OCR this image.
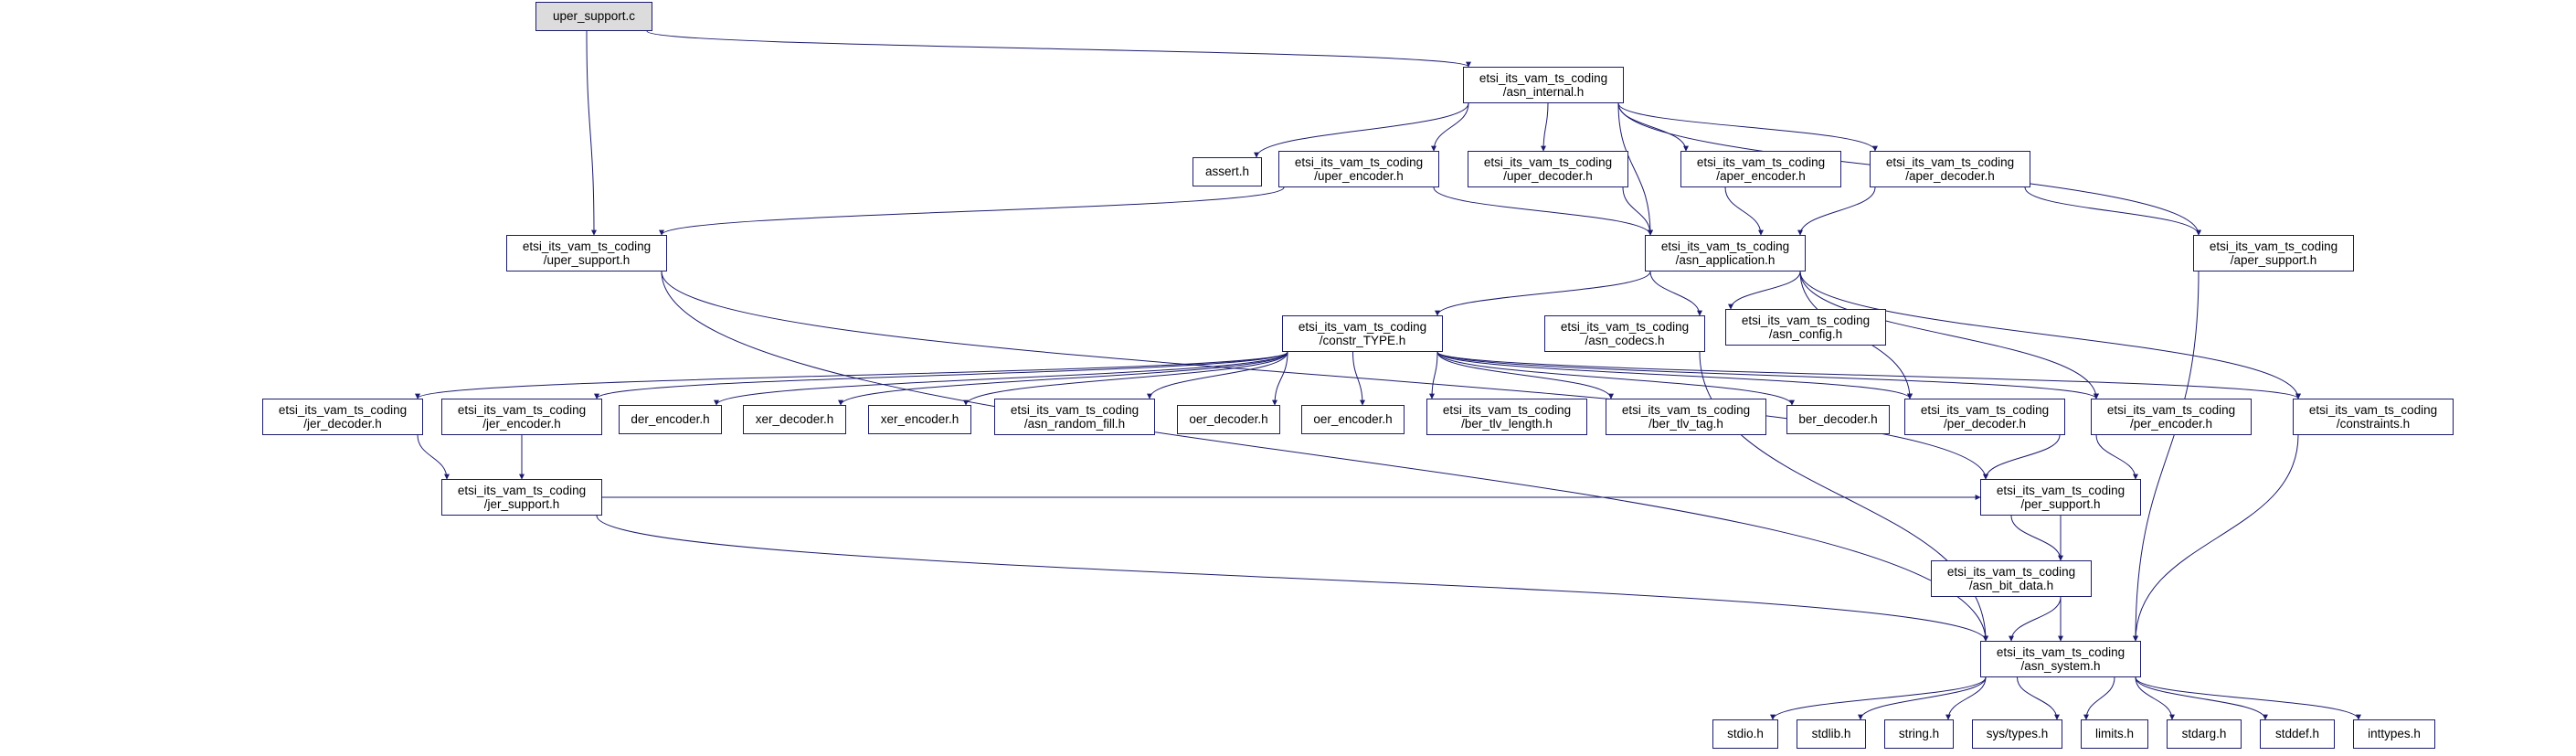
uper_support.c
etsi_its_vam_ts_coding
/asn_internal.h
assert.h
etsi_its_vam_ts_coding
/uper_encoder.h
etsi_its_vam_ts_coding
/uper_decoder.h
etsi_its_vam_ts_coding
/aper_encoder.h
etsi_its_vam_ts_coding
/aper_decoder.h
etsi_its_vam_ts_coding
/uper_support.h
etsi_its_vam_ts_coding
/asn_application.h
etsi_its_vam_ts_coding
/aper_support.h
etsi_its_vam_ts_coding
/constr_TYPE.h
etsi_its_vam_ts_coding
/asn_codecs.h
etsi_its_vam_ts_coding
/asn_config.h
etsi_its_vam_ts_coding
/jer_decoder.h
etsi_its_vam_ts_coding
/jer_encoder.h	der_encoder.h	xer_decoder.h	xer_encoder.h
etsi_its_vam_ts_coding
/asn_random_fill.h	oer_decoder.h	oer_encoder.h
etsi_its_vam_ts_coding
/ber_tlv_length.h
etsi_its_vam_ts_coding
/ber_tlv_tag.h	ber_decoder.h
etsi_its_vam_ts_coding
/per_decoder.h
etsi_its_vam_ts_coding
/per_encoder.h
etsi_its_vam_ts_coding
/constraints.h
etsi_its_vam_ts_coding
/jer_support.h
etsi_its_vam_ts_coding
/per_support.h
etsi_its_vam_ts_coding
/asn_bit_data.h
etsi_its_vam_ts_coding
/asn_system.h
stdio.h	stdlib.h	string.h	sys/types.h	limits.h	stdarg.h	stddef.h	inttypes.h
